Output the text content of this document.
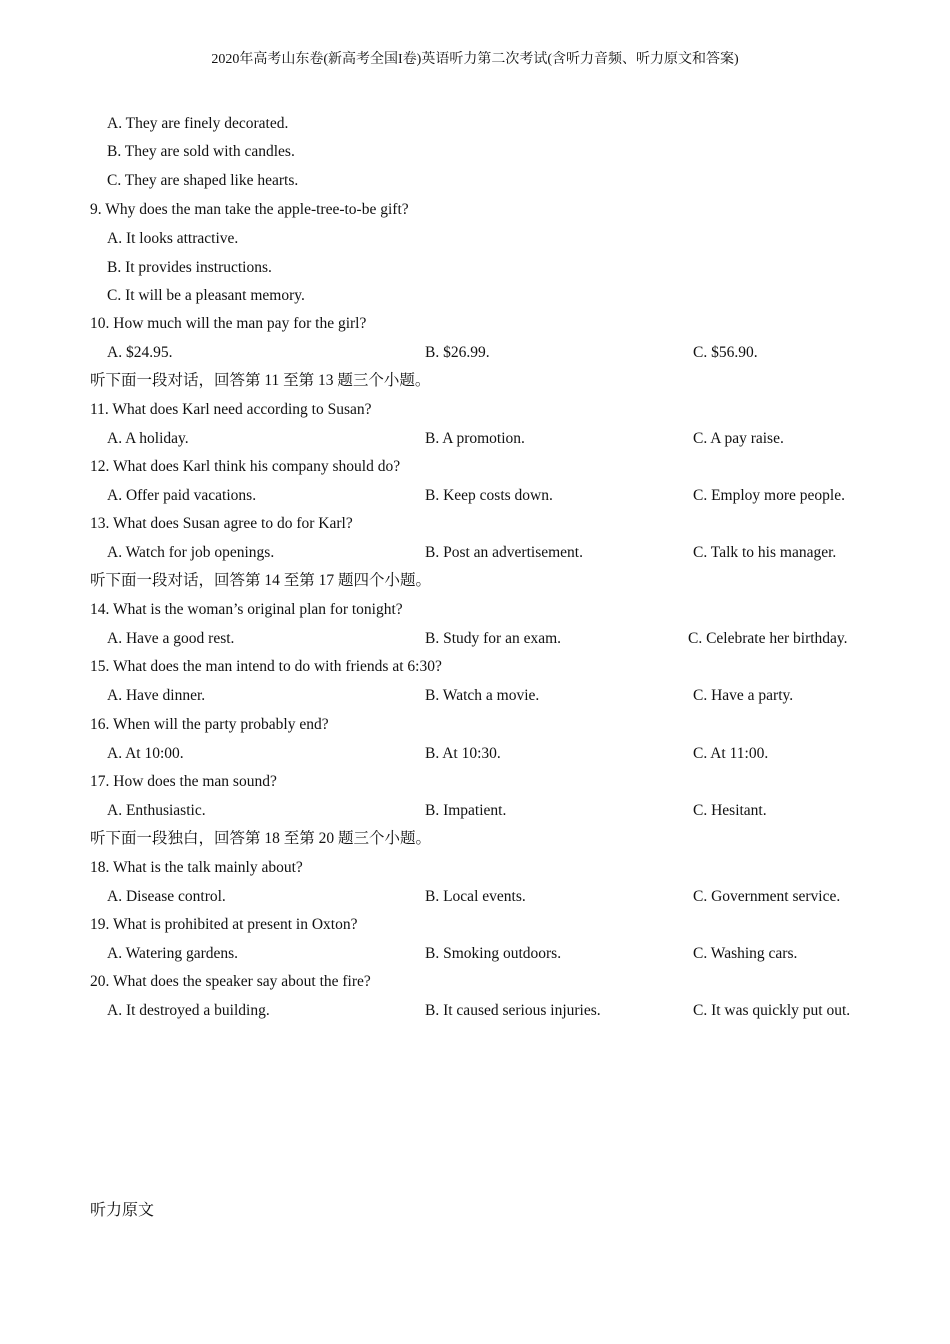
2020年高考山东卷(新高考全国I卷)英语听力第二次考试(含听力音频、听力原文和答案)
A. They are finely decorated.
B. They are sold with candles.
C. They are shaped like hearts.
9. Why does the man take the apple-tree-to-be gift?
A. It looks attractive.
B. It provides instructions.
C. It will be a pleasant memory.
10. How much will the man pay for the girl?
A. $24.95.	B. $26.99.	C. $56.90.
听下面一段对话，回答第 11 至第 13 题三个小题。
11. What does Karl need according to Susan?
A. A holiday.	B. A promotion.	C. A pay raise.
12. What does Karl think his company should do?
A. Offer paid vacations.	B. Keep costs down.	C. Employ more people.
13. What does Susan agree to do for Karl?
A. Watch for job openings.	B. Post an advertisement.	C. Talk to his manager.
听下面一段对话，回答第 14 至第 17 题四个小题。
14. What is the woman’s original plan for tonight?
A. Have a good rest.	B. Study for an exam.	C. Celebrate her birthday.
15. What does the man intend to do with friends at 6:30?
A. Have dinner.	B. Watch a movie.	C. Have a party.
16. When will the party probably end?
A. At 10:00.	B. At 10:30.	C. At 11:00.
17. How does the man sound?
A. Enthusiastic.	B. Impatient.	C. Hesitant.
听下面一段独白，回答第 18 至第 20 题三个小题。
18. What is the talk mainly about?
A. Disease control.	B. Local events.	C. Government service.
19. What is prohibited at present in Oxton?
A. Watering gardens.	B. Smoking outdoors.	C. Washing cars.
20. What does the speaker say about the fire?
A. It destroyed a building.	B. It caused serious injuries.	C. It was quickly put out.
听力原文
